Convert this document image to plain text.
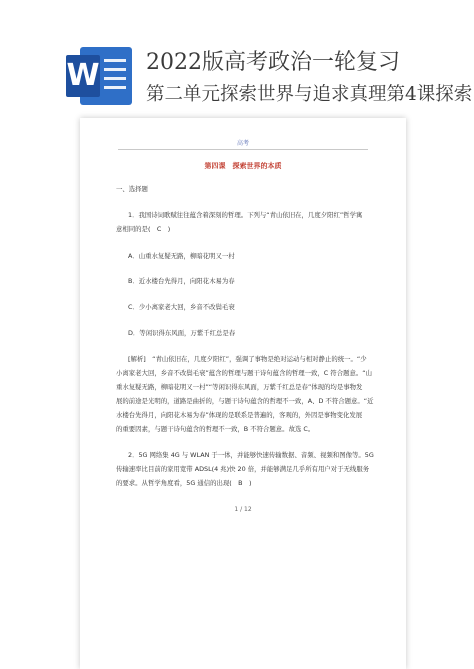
W 2022版高考政治一轮复习
第二单元探索世界与追求真理第4课探索
高考
第四课　探索世界的本质
一、选择题
1．我国诗词歌赋往往蕴含着深刻的哲理。下列与“青山依旧在，几度夕阳红”哲学寓
意相同的是(　C　)
A．山重水复疑无路，柳暗花明又一村
B．近水楼台先得月，向阳花木易为春
C．少小离家老大回，乡音不改鬓毛衰
D．等闲识得东风面，万紫千红总是春
[解析]　“青山依旧在，几度夕阳红”，强调了事物是绝对运动与相对静止的统一。“少
小离家老大回，乡音不改鬓毛衰”蕴含的哲理与题干诗句蕴含的哲理一致，C 符合题意。“山
重水复疑无路，柳暗花明又一村”“等闲识得东风面，万紫千红总是春”体现的均是事物发
展的前途是光明的，道路是曲折的，与题干诗句蕴含的哲理不一致，A、D 不符合题意。“近
水楼台先得月，向阳花木易为春”体现的是联系是普遍的，客观的，外因是事物变化发展
的重要因素，与题干诗句蕴含的哲理不一致，B 不符合题意。故选 C。
2．5G 网络集 4G 与 WLAN 于一体，并能够快速传输数据、音频、视频和图像等。5G
传输速率比目前的家用宽带 ADSL(4 兆)快 20 倍，并能够满足几乎所有用户对于无线服务
的要求。从哲学角度看，5G 通信的出现(　B　)
1 / 12
